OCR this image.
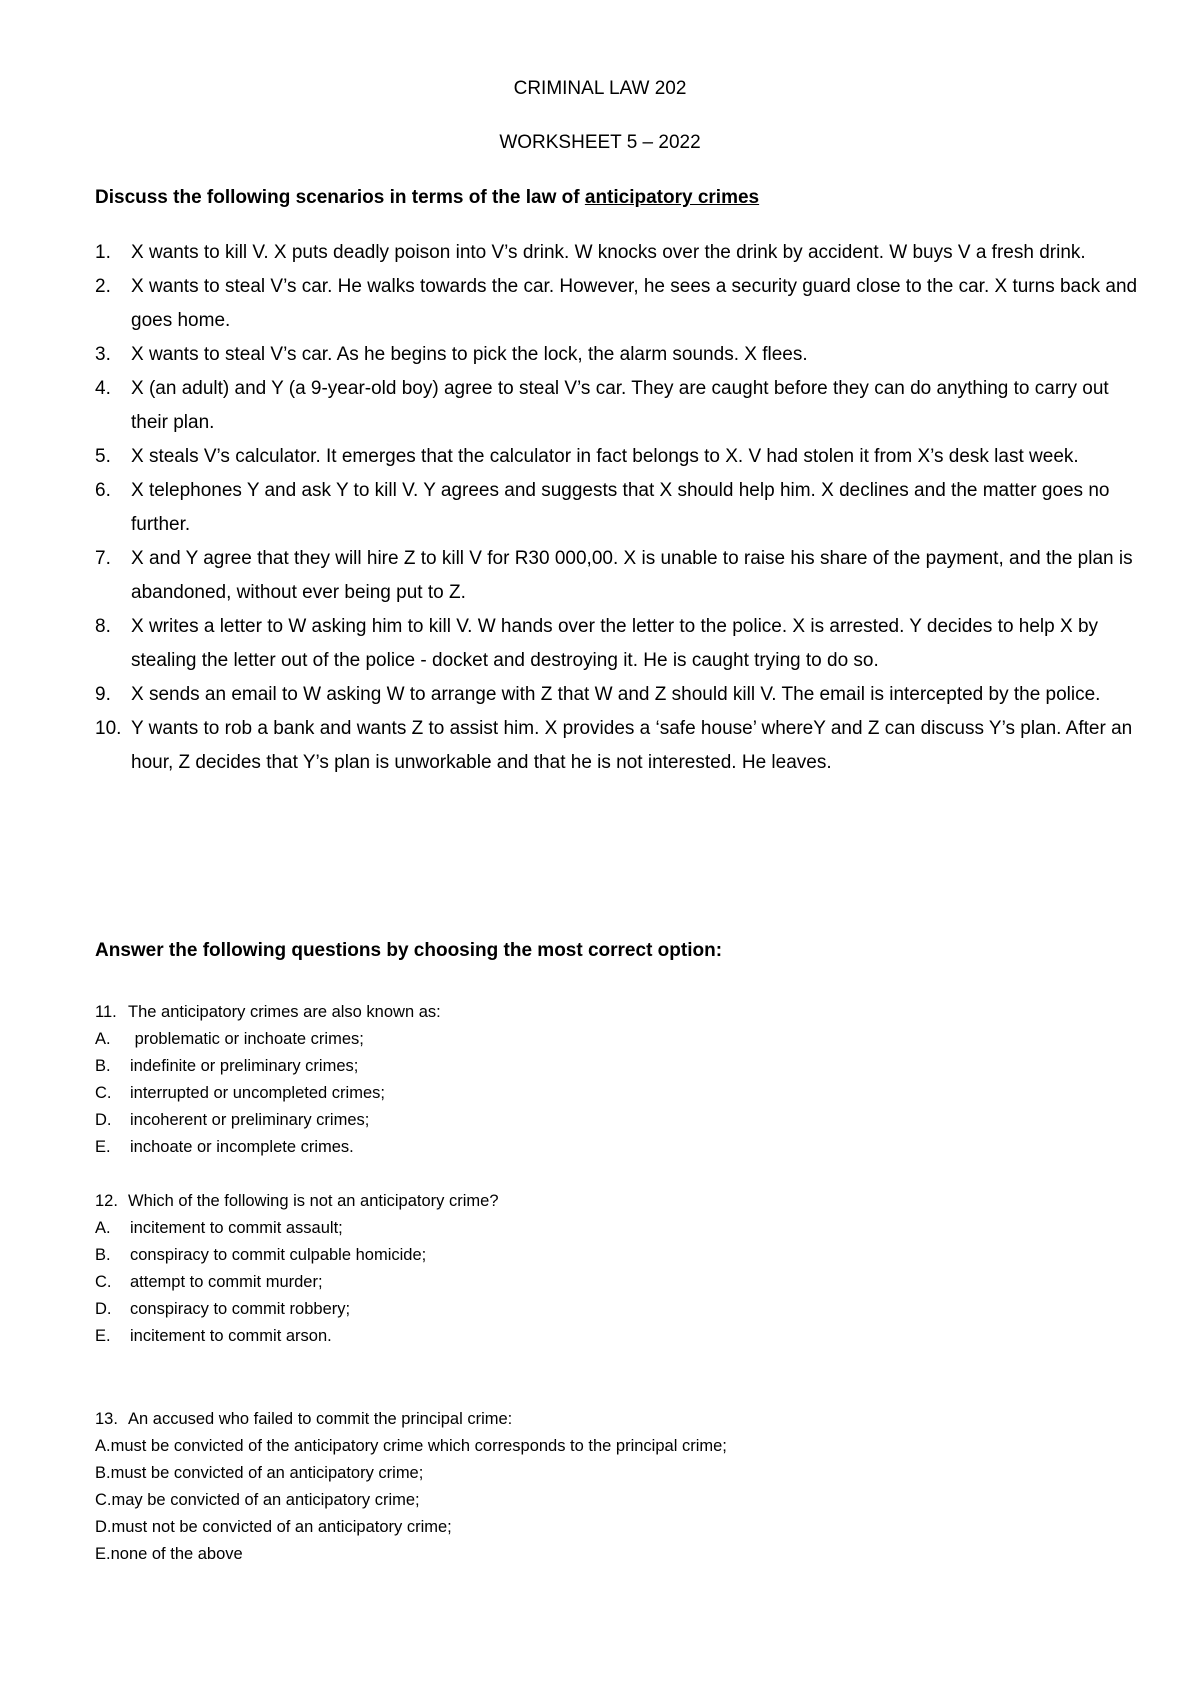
CRIMINAL LAW 202
WORKSHEET 5 – 2022
Discuss the following scenarios in terms of the law of anticipatory crimes
1. X wants to kill V. X puts deadly poison into V’s drink. W knocks over the drink by accident. W buys V a fresh drink.
2. X wants to steal V’s car. He walks towards the car. However, he sees a security guard close to the car. X turns back and goes home.
3. X wants to steal V’s car. As he begins to pick the lock, the alarm sounds. X flees.
4. X (an adult) and Y (a 9-year-old boy) agree to steal V’s car. They are caught before they can do anything to carry out their plan.
5. X steals V’s calculator. It emerges that the calculator in fact belongs to X. V had stolen it from X’s desk last week.
6. X telephones Y and ask Y to kill V. Y agrees and suggests that X should help him. X declines and the matter goes no further.
7. X and Y agree that they will hire Z to kill V for R30 000,00. X is unable to raise his share of the payment, and the plan is abandoned, without ever being put to Z.
8. X writes a letter to W asking him to kill V. W hands over the letter to the police. X is arrested. Y decides to help X by stealing the letter out of the police - docket and destroying it. He is caught trying to do so.
9. X sends an email to W asking W to arrange with Z that W and Z should kill V. The email is intercepted by the police.
10. Y wants to rob a bank and wants Z to assist him. X provides a ‘safe house’ whereY and Z can discuss Y’s plan. After an hour, Z decides that Y’s plan is unworkable and that he is not interested. He leaves.
Answer the following questions by choosing the most correct option:
11. The anticipatory crimes are also known as:
A. problematic or inchoate crimes;
B. indefinite or preliminary crimes;
C. interrupted or uncompleted crimes;
D. incoherent or preliminary crimes;
E. inchoate or incomplete crimes.
12. Which of the following is not an anticipatory crime?
A. incitement to commit assault;
B. conspiracy to commit culpable homicide;
C. attempt to commit murder;
D. conspiracy to commit robbery;
E. incitement to commit arson.
13. An accused who failed to commit the principal crime:
A.must be convicted of the anticipatory crime which corresponds to the principal crime;
B.must be convicted of an anticipatory crime;
C.may be convicted of an anticipatory crime;
D.must not be convicted of an anticipatory crime;
E.none of the above
